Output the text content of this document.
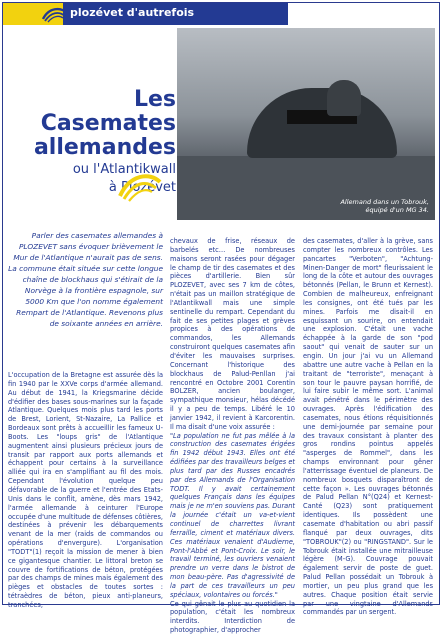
plozévet d'autrefois
Allemand dans un Tobrouk, équipé d'un MG 34.
Les
Casemates
allemandes
ou l'Atlantikwall
à Plozévet
Parler des casemates allemandes à PLOZEVET sans évoquer brièvement le Mur de l'Atlantique n'aurait pas de sens. La commune était située sur cette longue chaîne de blockhaus qui s'étirait de la Norvège à la frontière espagnole, sur 5000 Km que l'on nomme également Rempart de l'Atlantique. Revenons plus de soixante années en arrière.

L'occupation de la Bretagne est assurée dès la fin 1940 par le XXVe corps d'armée allemand. Au début de 1941, la Kriegsmarine décide d'édifier des bases sous-marines sur la façade Atlantique. Quelques mois plus tard les ports de Brest, Lorient, St-Nazaire, La Pallice et Bordeaux sont prêts à accueillir les fameux U-Boots. Les "loups gris" de l'Atlantique augmentent ainsi plusieurs précieux jours de transit par rapport aux ports allemands et échappent pour certains à la surveillance alliée qui ira en s'amplifiant au fil des mois. Cependant l'évolution quelque peu défavorable de la guerre et l'entrée des Etats-Unis dans le conflit, amène, dès mars 1942, l'armée allemande à ceinturer l'Europe occupée d'une multitude de défenses côtières, destinées à prévenir les débarquements venant de la mer (raids de commandos ou opérations d'envergure). L'organisation "TODT"(1) reçoit la mission de mener à bien ce gigantesque chantier. Le littoral breton se couvre de fortifications de béton, protégées par des champs de mines mais également des pièges et obstacles de toutes sortes : tétraèdres de béton, pieux anti-planeurs, tranchées,

chevaux de frise, réseaux de barbelés etc… De nombreuses maisons seront rasées pour dégager le champ de tir des casemates et des pièces d'artillerie. Bien sûr PLOZEVET, avec ses 7 km de côtes, n'était pas un maillon stratégique de l'Atlantikwall mais une simple sentinelle du rempart. Cependant du fait de ses petites plages et grèves propices à des opérations de commandos, les Allemands construiront quelques casemates afin d'éviter les mauvaises surprises. Concernant l'historique des blockhaus de Palud-Penllan j'ai rencontré en Octobre 2001 Corentin BOLZER, ancien boulanger, sympathique monsieur, hélas décédé il y a peu de temps. Libéré le 10 janvier 1942, il revient à Karcorentin. Il ma disait d'une voix assurée :

"La population ne fut pas mêlée à la construction des casemates érigées fin 1942 début 1943. Elles ont été édifiées par des travailleurs belges et plus tard par des Russes encadrés par des Allemands de l'Organisation TODT. Il y avait certainement quelques Français dans les équipes mais je ne m'en souviens pas. Durant la journée c'était un va-et-vient continuel de charrettes livrant ferraille, ciment et matériaux divers. Ces matériaux venaient d'Audierne, Pont-l'Abbé et Pont-Croix. Le soir, le travail terminé, les ouvriers venaient prendre un verre dans le bistrot de mon beau-père. Pas d'agressivité de la part de ces travailleurs un peu spéciaux, volontaires ou forcés."

Ce qui gênait le plus au quotidien la population, c'était les nombreux interdits. Interdiction de photographier, d'approcher

des casemates, d'aller à la grève, sans compter les nombreux contrôles. Les pancartes "Verboten", "Achtung-Minen-Danger de mort" fleurissaient le long de la côte et autour des ouvrages bétonnés (Pellan, le Brunn et Kernest). Combien de malheureux, enfreignant les consignes, ont été tués par les mines. Parfois me disait-il en esquissant un sourire, on entendait une explosion. C'était une vache échappée à la garde de son "pod saout" qui venait de sauter sur un engin. Un jour j'ai vu un Allemand abattre une autre vache à Pellan en la traitant de "terroriste", menaçant à son tour le pauvre paysan horrifié, de lui faire subir le même sort. L'animal avait pénétré dans le périmètre des ouvrages. Après l'édification des casemates, nous étions réquisitionnés une demi-journée par semaine pour des travaux consistant à planter des gros rondins pointus appelés "asperges de Rommel", dans les champs environnant pour gêner l'atterrissage éventuel de planeurs. De nombreux bosquets disparaîtront de cette façon ». Les ouvrages bétonnés de Palud Pellan N°(Q24) et Kernest-Canté (Q23) sont pratiquement identiques. Ils possèdent une casemate d'habitation ou abri passif flanqué par deux ouvrages, dits "TOBROUK"(2) ou "RINGSTAND". Sur le Tobrouk était installée une mitrailleuse légère (M-G). Couvrage pouvait également servir de poste de guet. Palud Pellan possédait un Tobrouk à mortier, un peu plus grand que les autres. Chaque position était servie par une vingtaine d'Allemands commandés par un sergent.
